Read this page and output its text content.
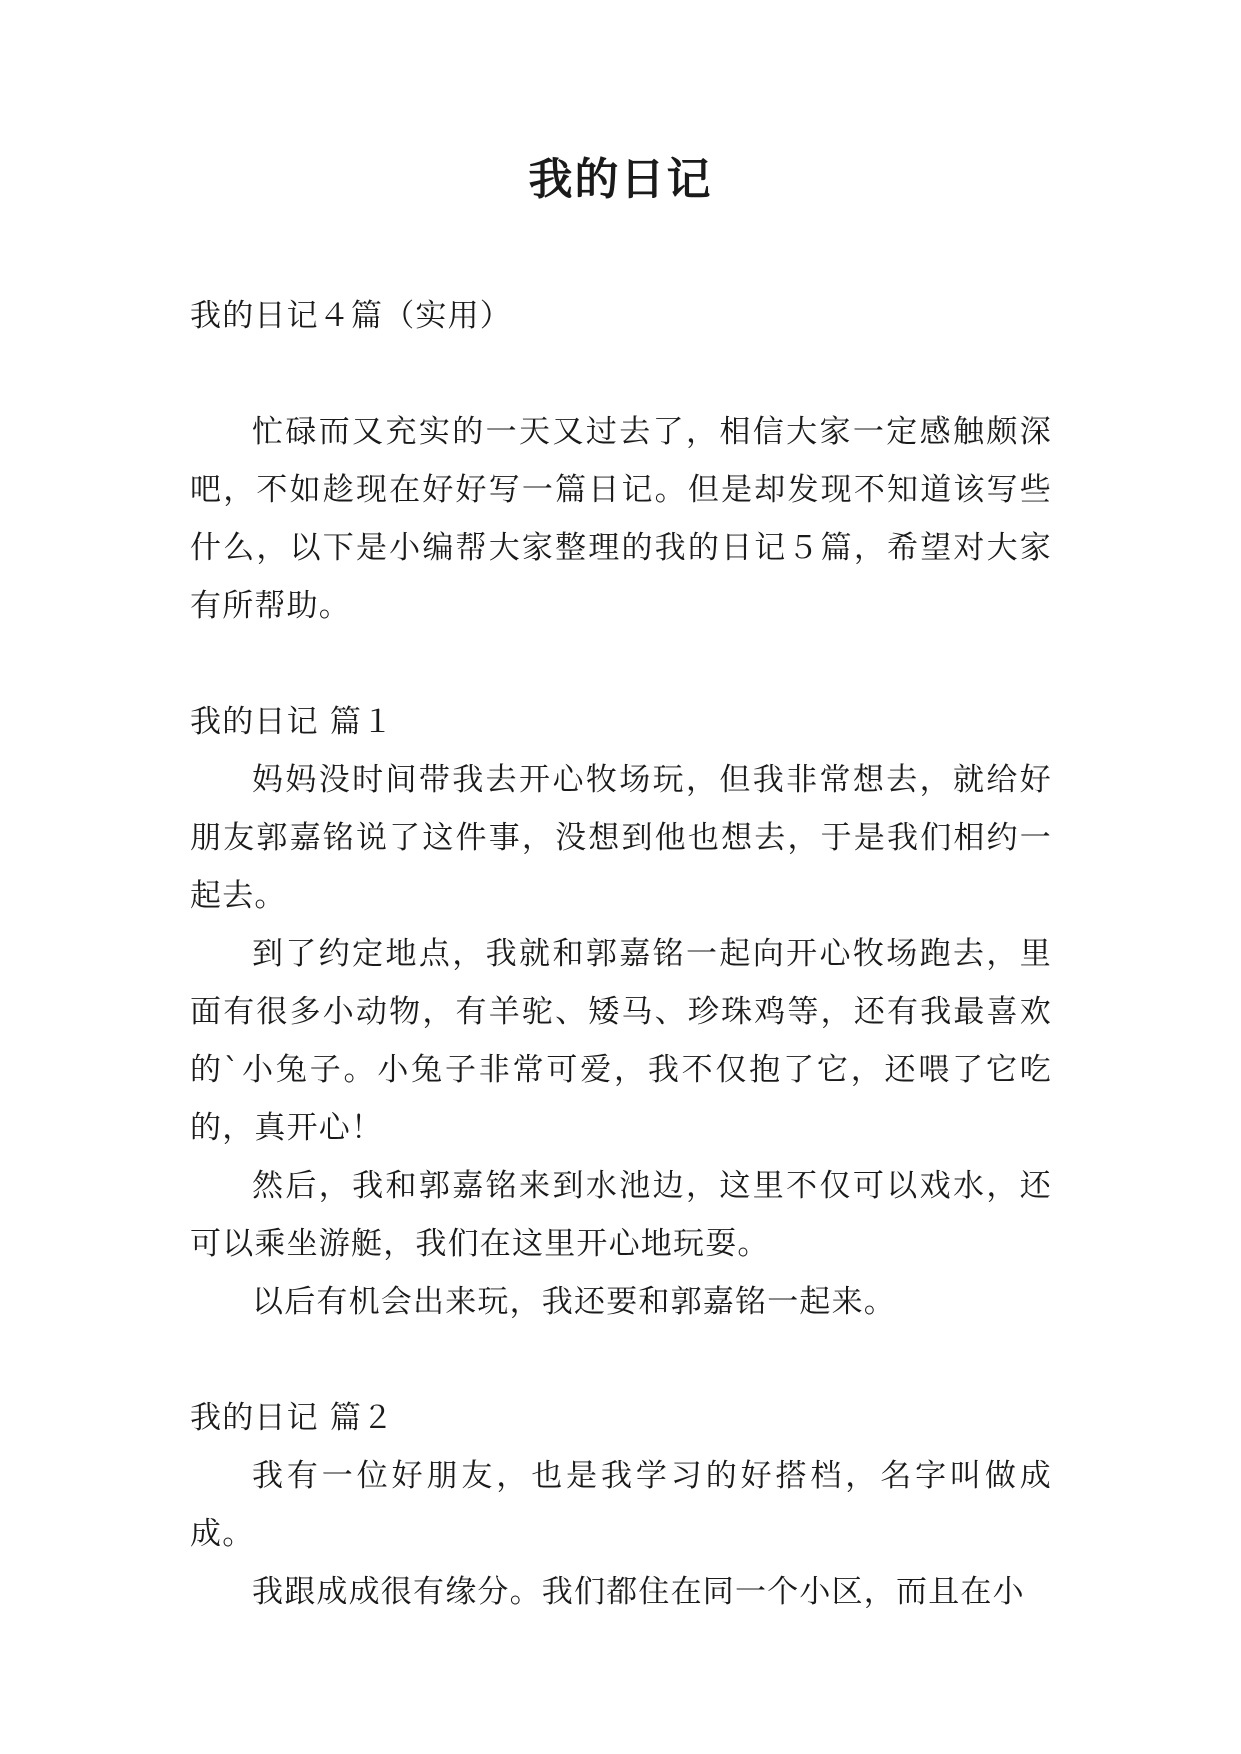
我的日记
我的日记４篇（实用）

忙碌而又充实的一天又过去了，相信大家一定感触颇深吧，不如趁现在好好写一篇日记。但是却发现不知道该写些什么，以下是小编帮大家整理的我的日记５篇，希望对大家有所帮助。

我的日记 篇１

妈妈没时间带我去开心牧场玩，但我非常想去，就给好朋友郭嘉铭说了这件事，没想到他也想去，于是我们相约一起去。

到了约定地点，我就和郭嘉铭一起向开心牧场跑去，里面有很多小动物，有羊驼、矮马、珍珠鸡等，还有我最喜欢的`小兔子。小兔子非常可爱，我不仅抱了它，还喂了它吃的，真开心！

然后，我和郭嘉铭来到水池边，这里不仅可以戏水，还可以乘坐游艇，我们在这里开心地玩耍。

以后有机会出来玩，我还要和郭嘉铭一起来。

我的日记 篇２

我有一位好朋友，也是我学习的好搭档，名字叫做成成。

我跟成成很有缘分。我们都住在同一个小区，而且在小
